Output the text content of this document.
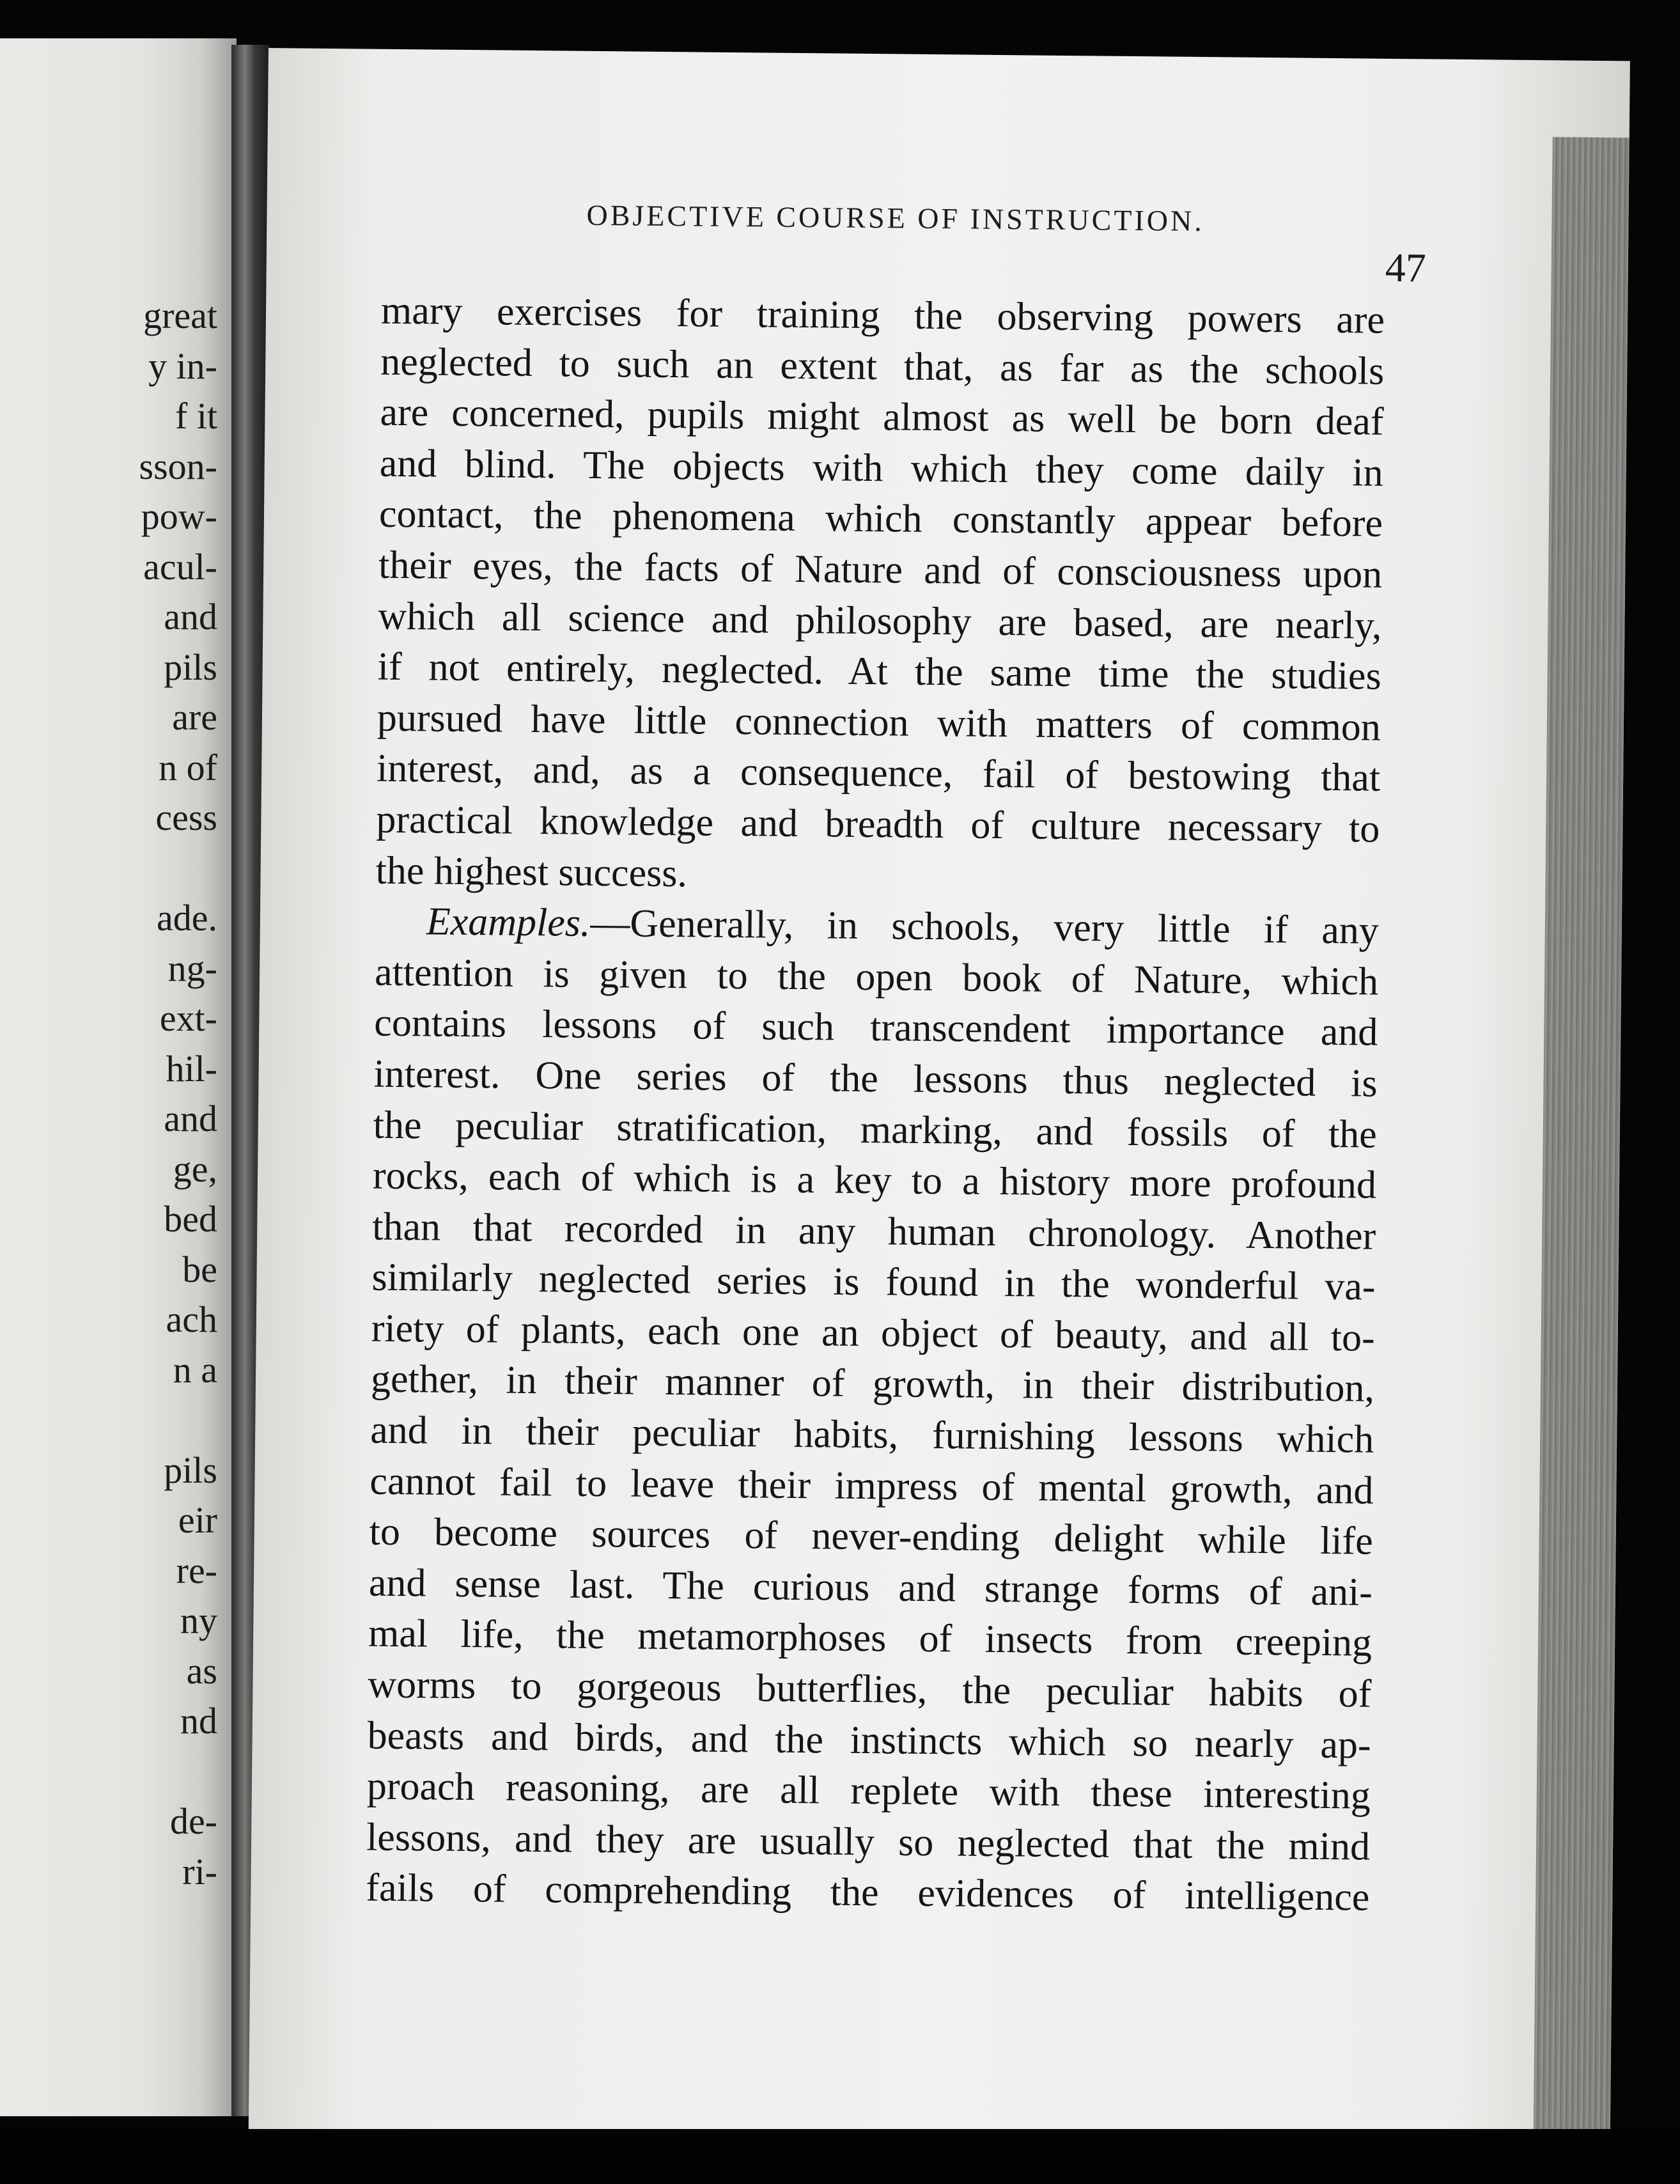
great
y in-
f it
sson-
pow-
acul-
and
pils
are
n of
cess
ade.
ng-
ext-
hil-
and
ge,
bed
be
ach
n a
pils
eir
re-
ny
as
nd
de-
ri-
OBJECTIVE COURSE OF INSTRUCTION.
47
mary exercises for training the observing powers are
neglected to such an extent that, as far as the schools
are concerned, pupils might almost as well be born deaf
and blind. The objects with which they come daily in
contact, the phenomena which constantly appear before
their eyes, the facts of Nature and of consciousness upon
which all science and philosophy are based, are nearly,
if not entirely, neglected. At the same time the studies
pursued have little connection with matters of common
interest, and, as a consequence, fail of bestowing that
practical knowledge and breadth of culture necessary to
the highest success.
Examples.—Generally, in schools, very little if any
attention is given to the open book of Nature, which
contains lessons of such transcendent importance and
interest. One series of the lessons thus neglected is
the peculiar stratification, marking, and fossils of the
rocks, each of which is a key to a history more profound
than that recorded in any human chronology. Another
similarly neglected series is found in the wonderful va-
riety of plants, each one an object of beauty, and all to-
gether, in their manner of growth, in their distribution,
and in their peculiar habits, furnishing lessons which
cannot fail to leave their impress of mental growth, and
to become sources of never-ending delight while life
and sense last. The curious and strange forms of ani-
mal life, the metamorphoses of insects from creeping
worms to gorgeous butterflies, the peculiar habits of
beasts and birds, and the instincts which so nearly ap-
proach reasoning, are all replete with these interesting
lessons, and they are usually so neglected that the mind
fails of comprehending the evidences of intelligence
